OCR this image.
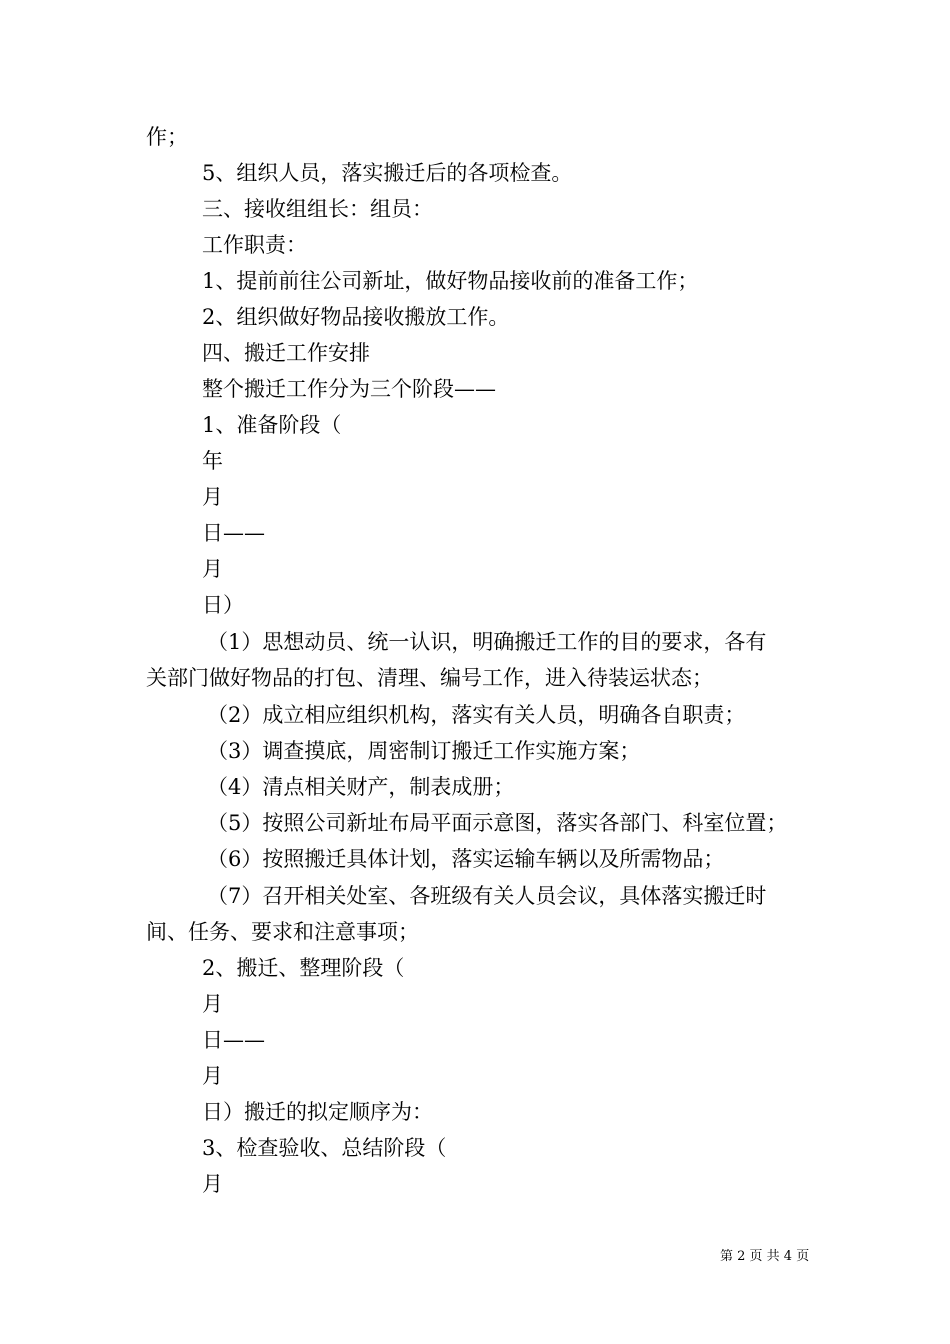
作；
5、组织人员，落实搬迁后的各项检查。
三、接收组组长：组员：
工作职责：
1、提前前往公司新址，做好物品接收前的准备工作；
2、组织做好物品接收搬放工作。
四、搬迁工作安排
整个搬迁工作分为三个阶段——
1、准备阶段（
年
月
日——
月
日）
（1）思想动员、统一认识，明确搬迁工作的目的要求，各有
关部门做好物品的打包、清理、编号工作，进入待装运状态；
（2）成立相应组织机构，落实有关人员，明确各自职责；
（3）调查摸底，周密制订搬迁工作实施方案；
（4）清点相关财产，制表成册；
（5）按照公司新址布局平面示意图，落实各部门、科室位置；
（6）按照搬迁具体计划，落实运输车辆以及所需物品；
（7）召开相关处室、各班级有关人员会议，具体落实搬迁时
间、任务、要求和注意事项；
2、搬迁、整理阶段（
月
日——
月
日）搬迁的拟定顺序为：
3、检查验收、总结阶段（
月
第 2 页 共 4 页
